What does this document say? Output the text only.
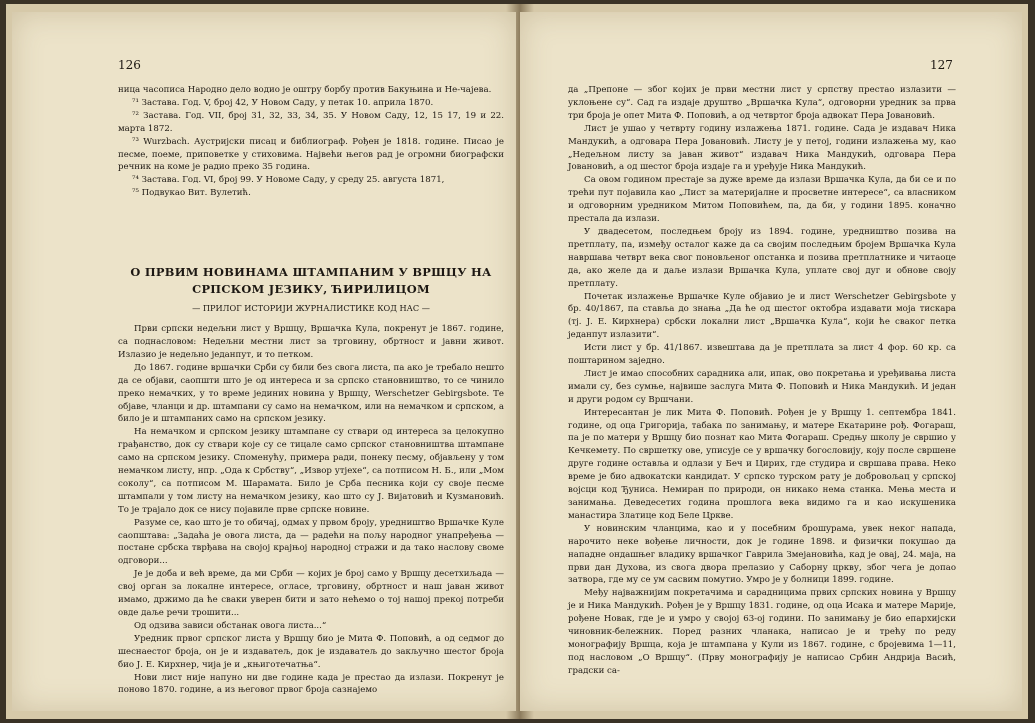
126

ница часописа Народно дело водио је оштру борбу против Бакуњина и Не-чајева.

⁷¹ Застава. Год. V, број 42, У Новом Саду, у петак 10. априла 1870.

⁷² Застава. Год. VII, број 31, 32, 33, 34, 35. У Новом Саду, 12, 15 17, 19 и 22. марта 1872.

⁷³ Wurzbach. Аустријски писац и библиограф. Рођен је 1818. године. Писао је песме, поеме, приповетке у стиховима. Највећи његов рад је огромни биографски речник на коме је радио преко 35 година.

⁷⁴ Застава. Год. VI, број 99. У Новоме Саду, у среду 25. августа 1871,

⁷⁵ Подвукао Вит. Вулетић.

О ПРВИМ НОВИНАМА ШТАМПАНИМ У ВРШЦУ НА СРПСКОМ ЈЕЗИКУ, ЋИРИЛИЦОМ
— ПРИЛОГ ИСТОРИЈИ ЖУРНАЛИСТИКЕ КОД НАС —

Први српски недељни лист у Вршцу, Вршачка Кула, покренут је 1867. године, са поднасловом: Недељни местни лист за трговину, обртност и јавни живот. Излазио је недељно једанпут, и то петком.

До 1867. године вршачки Срби су били без свога листа, па ако је требало нешто да се објави, саопшти што је од интереса и за српско становништво, то се чинило преко немачких, у то време јединих новина у Вршцу, Werschetzer Gebirgsbote. Те објаве, чланци и др. штампани су само на немачком, или на немачком и српском, а било је и штампаних само на српском језику.

На немачком и српском језику штампане су ствари од интереса за целокупно грађанство, док су ствари које су се тицале само српског становништва штампане само на српском језику. Споменућу, примера ради, понеку песму, објављену у том немачком листу, нпр. „Ода к Србству“, „Извор утјехе“, са потписом Н. Б., или „Мом соколу“, са потписом М. Шарамата. Било је Срба песника који су своје песме штампали у том листу на немачком језику, као што су Ј. Вијатовић и Кузмановић. То је трајало док се нису појавиле прве српске новине.

Разуме се, као што је то обичај, одмах у првом броју, уредништво Вршачке Куле саопштава: „Задаћа је овога листа, да — радећи на пољу народног унапређења — постане србска тврђава на својој крајњој народној стражи и да тако наслову своме одговори...

Је је доба и већ време, да ми Срби — којих је број само у Вршцу десетхиљада — свој орган за локалне интересе, огласе, трговину, обртност и наш јаван живот имамо, држимо да ће сваки уверен бити и зато нећемо о тој нашој прекој потреби овде даље речи трошити...

Од одзива зависи обстанак овога листа...“

Уредник првог српског листа у Вршцу био је Мита Ф. Поповић, а од седмог до шеснаестог броја, он је и издаватељ, док је издаватељ до закључно шестог броја био Ј. Е. Кирхнер, чија је и „књиготечатња“.

Нови лист није напуно ни две године када је престао да излази. Покренут је поново 1870. године, а из његовог првог броја сазнајемо

127

да „Препоне — због којих је први местни лист у српству престао излазити — уклоњене су“. Сад га издаје друштво „Вршачка Кула“, одговорни уредник за прва три броја је опет Мита Ф. Поповић, а од четвртог броја адвокат Пера Јовановић.

Лист је ушао у четврту годину излажења 1871. године. Сада је издавач Ника Мандукић, а одговара Пера Јовановић. Листу је у петој, години излажења му, као „Недељном листу за јаван живот“ издавач Ника Мандукић, одговара Пера Јовановић, а од шестог броја издаје га и уређује Ника Мандукић.

Са овом годином престаје за дуже време да излази Вршачка Кула, да би се и по трећи пут појавила као „Лист за материјалне и просветне интересе“, са власником и одговорним уредником Митом Поповићем, па, да би, у години 1895. коначно престала да излази.

У двадесетом, последњем броју из 1894. године, уредништво позива на претплату, па, између осталог каже да са својим последњим бројем Вршачка Кула навршава четврт века свог поновљеног опстанка и позива претплатнике и читаоце да, ако желе да и даље излази Вршачка Кула, уплате свој дуг и обнове своју претплату.

Почетак излажење Вршачке Куле објавио је и лист Werschetzer Gebirgsbote у бр. 40/1867, па ставља до знања „Да ће од шестог октобра издавати моја тискара (тј. Ј. Е. Кирхнера) србски локални лист „Вршачка Кула“, који ће сваког петка једанпут излазити“.

Исти лист у бр. 41/1867. извештава да је претплата за лист 4 фор. 60 кр. са поштарином заједно.

Лист је имао способних сарадника али, ипак, ово покретања и уређивања листа имали су, без сумње, највише заслуга Мита Ф. Поповић и Ника Мандукић. И један и други родом су Вршчани.

Интересантан је лик Мита Ф. Поповић. Рођен је у Вршцу 1. септембра 1841. године, од оца Григорија, табака по занимању, и матере Екатарине рођ. Фогараш, па је по матери у Вршцу био познат као Мита Фогараш. Средњу школу је свршио у Кечкемету. По свршетку ове, уписује се у вршачку богословију, коју после свршене друге године оставља и одлази у Беч и Цирих, где студира и свршава права. Неко време је био адвокатски кандидат. У српско турском рату је добровољац у српској војсци код Ђуниса. Немиран по природи, он никако нема станка. Мења места и занимања. Деведесетих година прошлога века видимо га и као искушеника манастира Златице код Беле Цркве.

У новинским чланцима, као и у посебним брошурама, увек неког напада, нарочито неке вођење личности, док је године 1898. и физички покушао да нападне ондашњег владику вршачког Гаврила Змејановића, кад је овај, 24. маја, на први дан Духова, из свога двора прелазио у Саборну цркву, због чега је допао затвора, где му се ум сасвим помутио. Умро је у болници 1899. године.

Међу најважнијим покретачима и сарадницима првих српских новина у Вршцу је и Ника Мандукић. Рођен је у Вршцу 1831. године, од оца Исака и матере Марије, рођене Новак, где је и умро у својој 63-ој години. По занимању је био епархијски чиновник-бележник. Поред разних чланака, написао је и трећу по реду монографију Вршца, која је штампана у Кули из 1867. године, с бројевима 1—11, под насловом „О Вршцу“. (Прву монографију је написао Србин Андрија Васић, градски са-
